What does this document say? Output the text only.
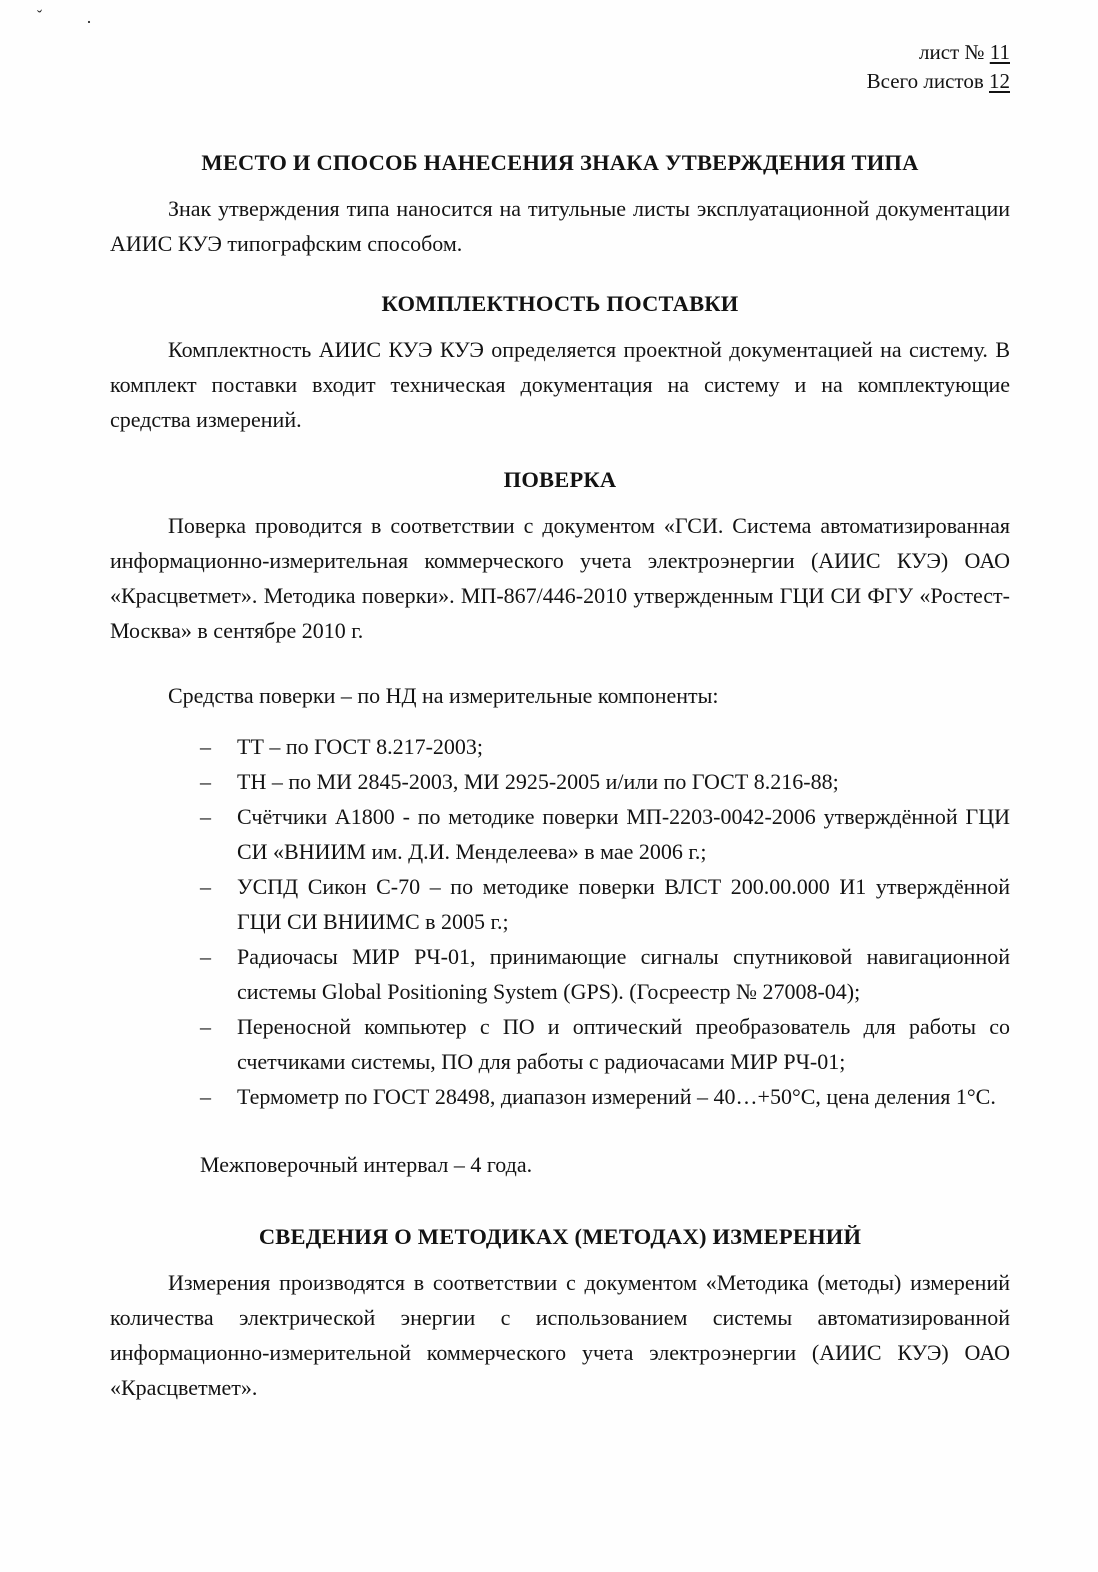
ˇ ·
лист № 11
Всего листов 12
МЕСТО И СПОСОБ НАНЕСЕНИЯ ЗНАКА УТВЕРЖДЕНИЯ ТИПА

Знак утверждения типа наносится на титульные листы эксплуатационной документации АИИС КУЭ типографским способом.

КОМПЛЕКТНОСТЬ ПОСТАВКИ

Комплектность АИИС КУЭ КУЭ определяется проектной документацией на систему. В комплект поставки входит техническая документация на систему и на комплектующие средства измерений.

ПОВЕРКА

Поверка проводится в соответствии с документом «ГСИ. Система автоматизированная информационно-измерительная коммерческого учета электроэнергии (АИИС КУЭ) ОАО «Красцветмет». Методика поверки». МП-867/446-2010 утвержденным ГЦИ СИ ФГУ «Ростест-Москва» в сентябре 2010 г.

Средства поверки – по НД на измерительные компоненты:

–	ТТ – по ГОСТ 8.217-2003;
–	ТН – по МИ 2845-2003, МИ 2925-2005 и/или по ГОСТ 8.216-88;
–	Счётчики А1800 - по методике поверки МП-2203-0042-2006 утверждённой ГЦИ СИ «ВНИИМ им. Д.И. Менделеева» в мае 2006 г.;
–	УСПД Сикон С-70 – по методике поверки ВЛСТ 200.00.000 И1 утверждённой ГЦИ СИ ВНИИМС в 2005 г.;
–	Радиочасы МИР РЧ-01, принимающие сигналы спутниковой навигационной системы Global Positioning System (GPS). (Госреестр № 27008-04);
–	Переносной компьютер с ПО и оптический преобразователь для работы со счетчиками системы, ПО для работы с радиочасами МИР РЧ-01;
–	Термометр по ГОСТ 28498, диапазон измерений – 40…+50°С, цена деления 1°С.

Межповерочный интервал – 4 года.

СВЕДЕНИЯ О МЕТОДИКАХ (МЕТОДАХ) ИЗМЕРЕНИЙ

Измерения производятся в соответствии с документом «Методика (методы) измерений количества электрической энергии с использованием системы автоматизированной информационно-измерительной коммерческого учета электроэнергии (АИИС КУЭ) ОАО «Красцветмет».
